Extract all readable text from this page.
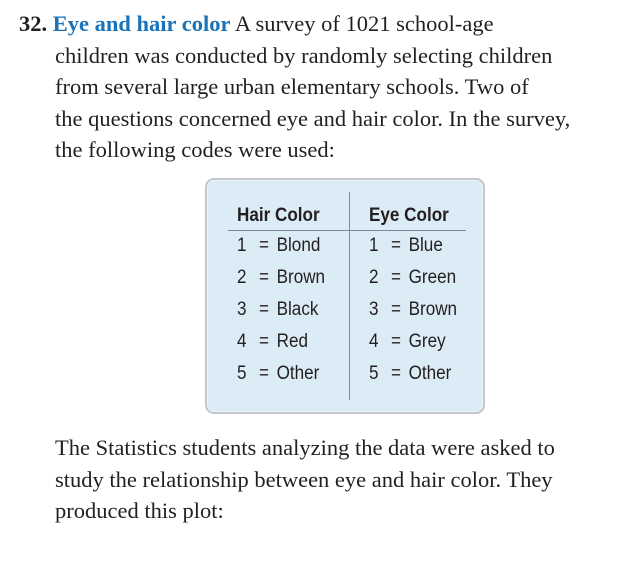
32. Eye and hair color A survey of 1021 school-age
children was conducted by randomly selecting children
from several large urban elementary schools. Two of
the questions concerned eye and hair color. In the survey,
the following codes were used:
Hair Color
1 = Blond
2 = Brown
3 = Black
4 = Red
5 = Other
Eye Color
1 = Blue
2 = Green
3 = Brown
4 = Grey
5 = Other
The Statistics students analyzing the data were asked to
study the relationship between eye and hair color. They
produced this plot:
